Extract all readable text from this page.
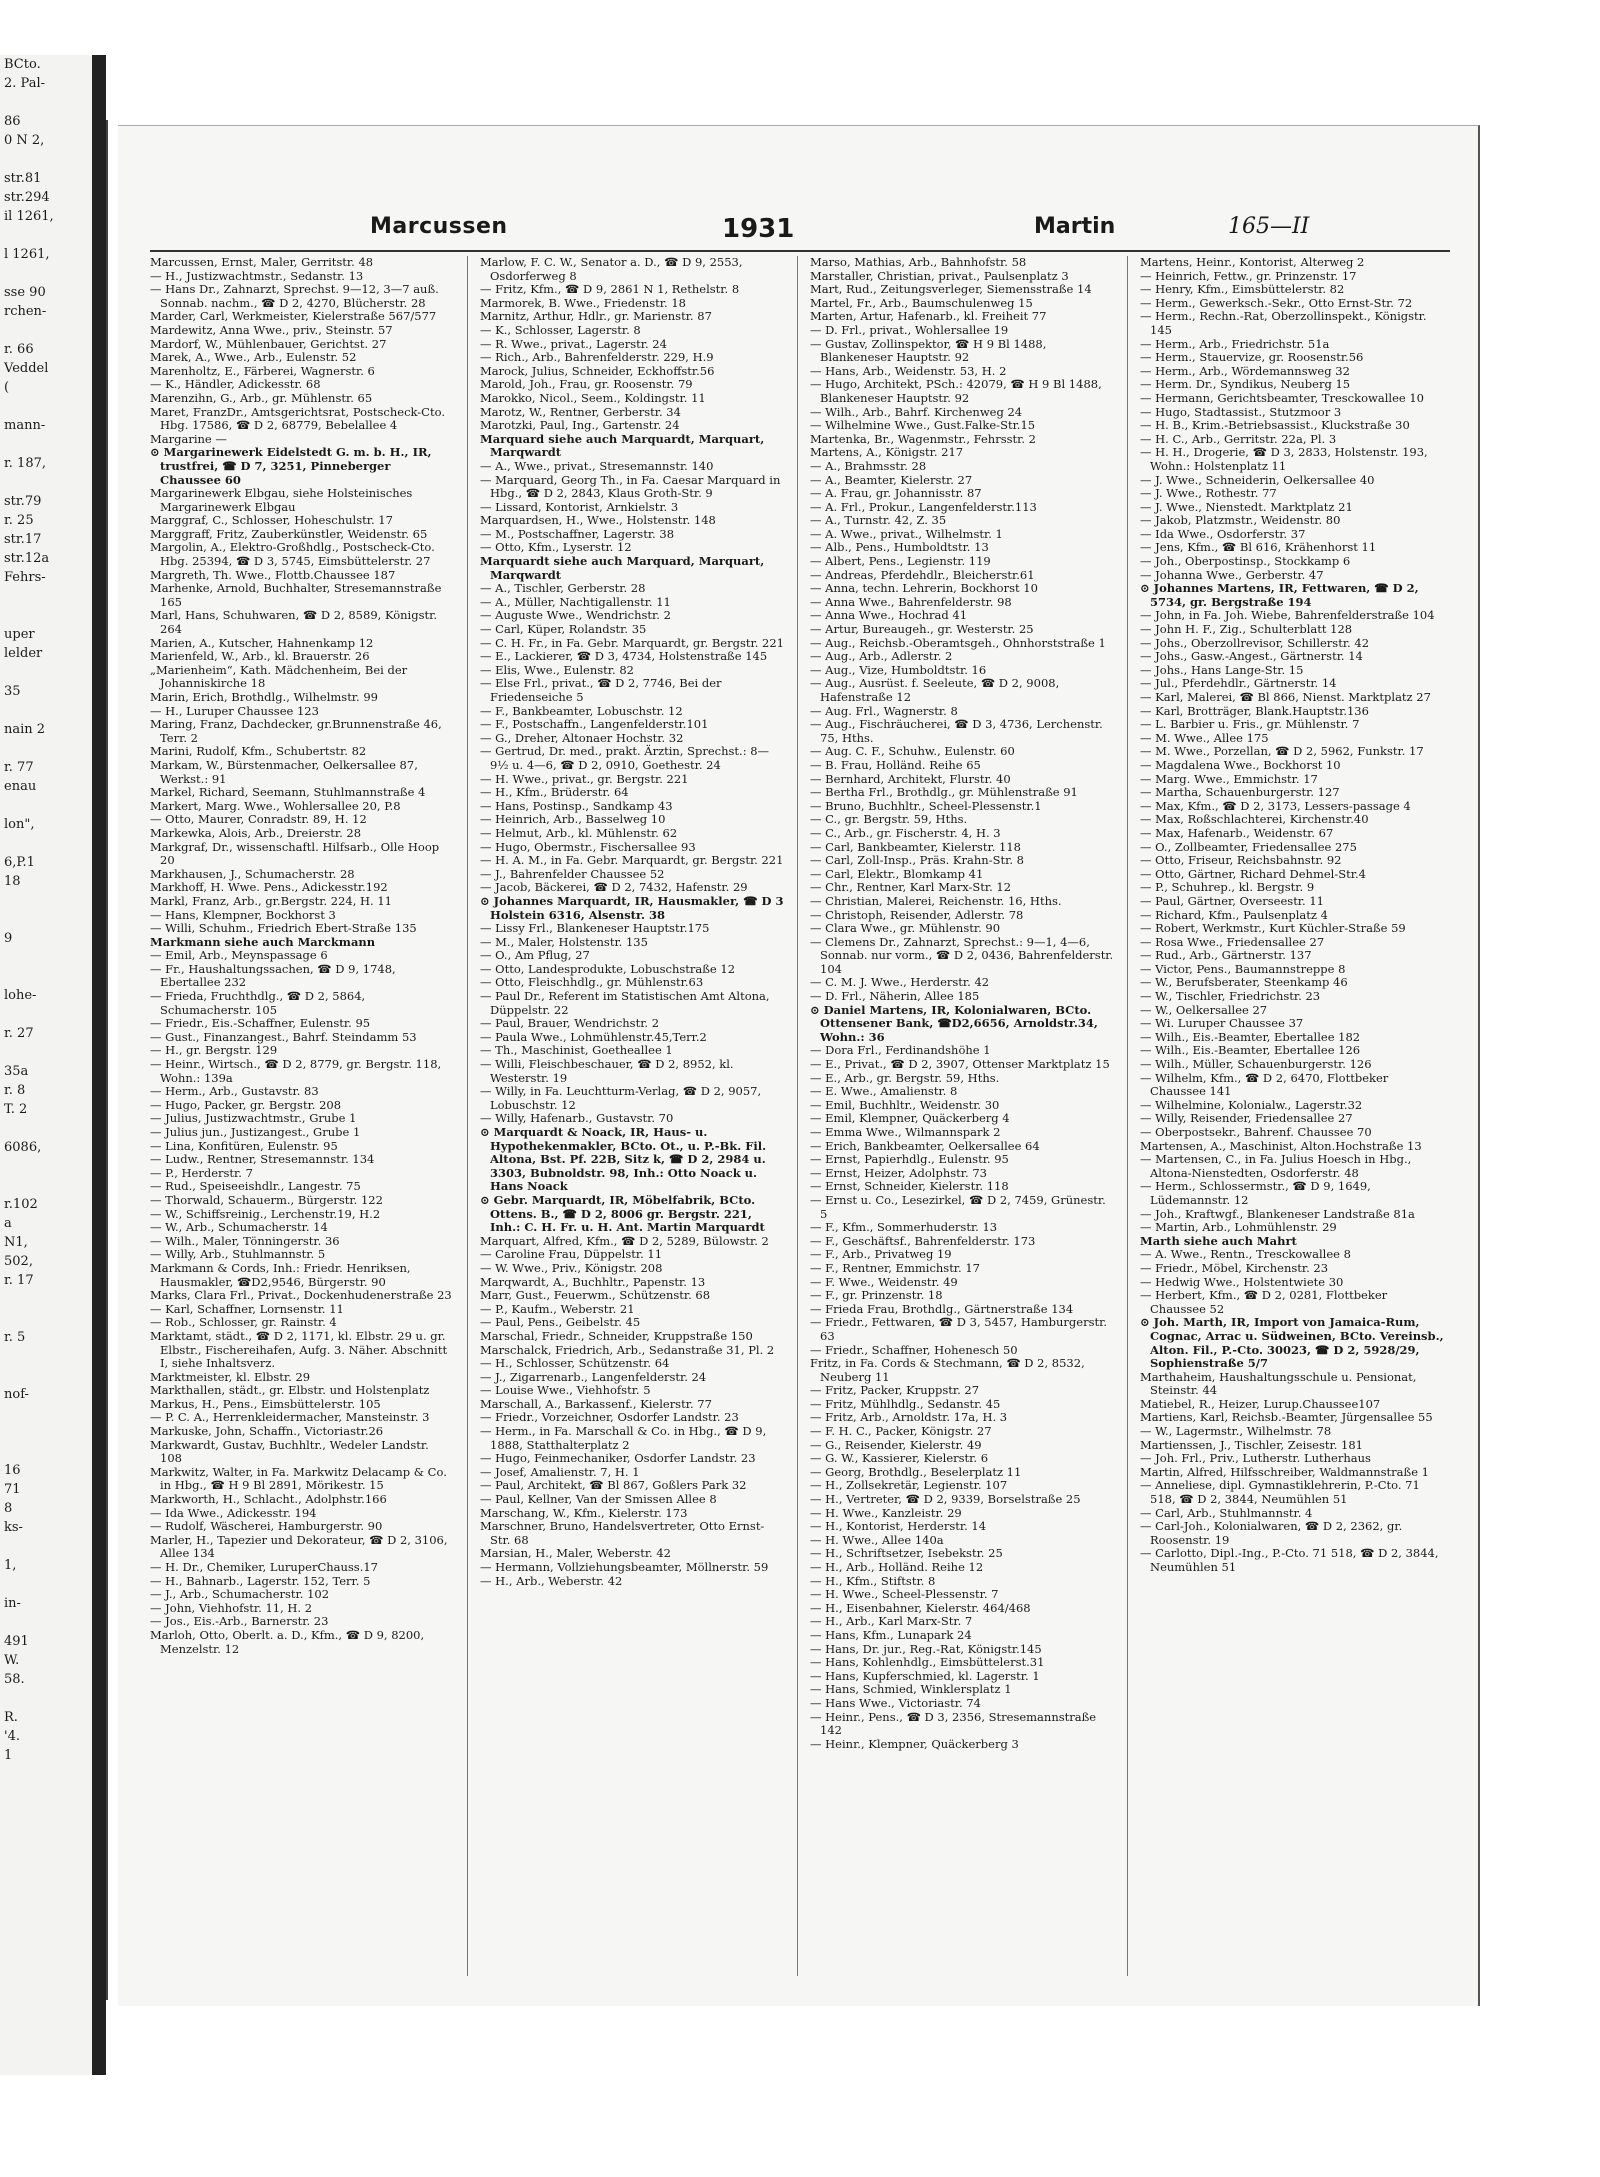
BCto.
2. Pal-

86
0 N 2,

str.81
str.294
il 1261,

l 1261,

sse 90
rchen-

r. 66
Veddel
(

mann-

r. 187,

str.79
r. 25
str.17
str.12a
Fehrs-

uper
lelder

35

nain 2

r. 77
enau

lon",

6,P.1
18

9

lohe-

r. 27

35a
r. 8
T. 2

6086,

r.102
a
N1,
502,
r. 17

r. 5

nof-

16
71
8
ks-

1,

in-

491
W.
58.

R.
'4.
1
Marcussen	1931	Martin	165—II

Marcussen, Ernst, Maler, Gerritstr. 48

— H., Justizwachtmstr., Sedanstr. 13

— Hans Dr., Zahnarzt, Sprechst. 9—12, 3—7 auß. Sonnab. nachm., ☎ D 2, 4270, Blücherstr. 28

Marder, Carl, Werkmeister, Kielerstraße 567/577

Mardewitz, Anna Wwe., priv., Steinstr. 57

Mardorf, W., Mühlenbauer, Gerichtst. 27

Marek, A., Wwe., Arb., Eulenstr. 52

Marenholtz, E., Färberei, Wagnerstr. 6

— K., Händler, Adickesstr. 68

Marenzihn, G., Arb., gr. Mühlenstr. 65

Maret, FranzDr., Amtsgerichtsrat, Postscheck-Cto. Hbg. 17586, ☎ D 2, 68779, Bebelallee 4

Margarine —

⊙ Margarinewerk Eidelstedt G. m. b. H., IR, trustfrei, ☎ D 7, 3251, Pinneberger Chaussee 60

Margarinewerk Elbgau, siehe Holsteinisches Margarinewerk Elbgau

Marggraf, C., Schlosser, Hoheschulstr. 17

Marggraff, Fritz, Zauberkünstler, Weidenstr. 65

Margolin, A., Elektro-Großhdlg., Postscheck-Cto. Hbg. 25394, ☎ D 3, 5745, Eimsbüttelerstr. 27

Margreth, Th. Wwe., Flottb.Chaussee 187

Marhenke, Arnold, Buchhalter, Stresemannstraße 165

Marl, Hans, Schuhwaren, ☎ D 2, 8589, Königstr. 264

Marien, A., Kutscher, Hahnenkamp 12

Marienfeld, W., Arb., kl. Brauerstr. 26

„Marienheim“, Kath. Mädchenheim, Bei der Johanniskirche 18

Marin, Erich, Brothdlg., Wilhelmstr. 99

— H., Luruper Chaussee 123

Maring, Franz, Dachdecker, gr.Brunnenstraße 46, Terr. 2

Marini, Rudolf, Kfm., Schubertstr. 82

Markam, W., Bürstenmacher, Oelkersallee 87, Werkst.: 91

Markel, Richard, Seemann, Stuhlmannstraße 4

Markert, Marg. Wwe., Wohlersallee 20, P.8

— Otto, Maurer, Conradstr. 89, H. 12

Markewka, Alois, Arb., Dreierstr. 28

Markgraf, Dr., wissenschaftl. Hilfsarb., Olle Hoop 20

Markhausen, J., Schumacherstr. 28

Markhoff, H. Wwe. Pens., Adickesstr.192

Markl, Franz, Arb., gr.Bergstr. 224, H. 11

— Hans, Klempner, Bockhorst 3

— Willi, Schuhm., Friedrich Ebert-Straße 135

Markmann siehe auch Marckmann

— Emil, Arb., Meynspassage 6

— Fr., Haushaltungssachen, ☎ D 9, 1748, Ebertallee 232

— Frieda, Fruchthdlg., ☎ D 2, 5864, Schumacherstr. 105

— Friedr., Eis.-Schaffner, Eulenstr. 95

— Gust., Finanzangest., Bahrf. Steindamm 53

— H., gr. Bergstr. 129

— Heinr., Wirtsch., ☎ D 2, 8779, gr. Bergstr. 118, Wohn.: 139a

— Herm., Arb., Gustavstr. 83

— Hugo, Packer, gr. Bergstr. 208

— Julius, Justizwachtmstr., Grube 1

— Julius jun., Justizangest., Grube 1

— Lina, Konfitüren, Eulenstr. 95

— Ludw., Rentner, Stresemannstr. 134

— P., Herderstr. 7

— Rud., Speiseeishdlr., Langestr. 75

— Thorwald, Schauerm., Bürgerstr. 122

— W., Schiffsreinig., Lerchenstr.19, H.2

— W., Arb., Schumacherstr. 14

— Wilh., Maler, Tönningerstr. 36

— Willy, Arb., Stuhlmannstr. 5

Markmann & Cords, Inh.: Friedr. Henriksen, Hausmakler, ☎D2,9546, Bürgerstr. 90

Marks, Clara Frl., Privat., Dockenhudenerstraße 23

— Karl, Schaffner, Lornsenstr. 11

— Rob., Schlosser, gr. Rainstr. 4

Marktamt, städt., ☎ D 2, 1171, kl. Elbstr. 29 u. gr. Elbstr., Fischereihafen, Aufg. 3. Näher. Abschnitt I, siehe Inhaltsverz.

Marktmeister, kl. Elbstr. 29

Markthallen, städt., gr. Elbstr. und Holstenplatz

Markus, H., Pens., Eimsbüttelerstr. 105

— P. C. A., Herrenkleidermacher, Mansteinstr. 3

Markuske, John, Schaffn., Victoriastr.26

Markwardt, Gustav, Buchhltr., Wedeler Landstr. 108

Markwitz, Walter, in Fa. Markwitz Delacamp & Co. in Hbg., ☎ H 9 Bl 2891, Mörikestr. 15

Markworth, H., Schlacht., Adolphstr.166

— Ida Wwe., Adickesstr. 194

— Rudolf, Wäscherei, Hamburgerstr. 90

Marler, H., Tapezier und Dekorateur, ☎ D 2, 3106, Allee 134

— H. Dr., Chemiker, LuruperChauss.17

— H., Bahnarb., Lagerstr. 152, Terr. 5

— J., Arb., Schumacherstr. 102

— John, Viehhofstr. 11, H. 2

— Jos., Eis.-Arb., Barnerstr. 23

Marloh, Otto, Oberlt. a. D., Kfm., ☎ D 9, 8200, Menzelstr. 12

Marlow, F. C. W., Senator a. D., ☎ D 9, 2553, Osdorferweg 8

— Fritz, Kfm., ☎ D 9, 2861 N 1, Rethelstr. 8

Marmorek, B. Wwe., Friedenstr. 18

Marnitz, Arthur, Hdlr., gr. Marienstr. 87

— K., Schlosser, Lagerstr. 8

— R. Wwe., privat., Lagerstr. 24

— Rich., Arb., Bahrenfelderstr. 229, H.9

Marock, Julius, Schneider, Eckhoffstr.56

Marold, Joh., Frau, gr. Roosenstr. 79

Marokko, Nicol., Seem., Koldingstr. 11

Marotz, W., Rentner, Gerberstr. 34

Marotzki, Paul, Ing., Gartenstr. 24

Marquard siehe auch Marquardt, Marquart, Marqwardt

— A., Wwe., privat., Stresemannstr. 140

— Marquard, Georg Th., in Fa. Caesar Marquard in Hbg., ☎ D 2, 2843, Klaus Groth-Str. 9

— Lissard, Kontorist, Arnkielstr. 3

Marquardsen, H., Wwe., Holstenstr. 148

— M., Postschaffner, Lagerstr. 38

— Otto, Kfm., Lyserstr. 12

Marquardt siehe auch Marquard, Marquart, Marqwardt

— A., Tischler, Gerberstr. 28

— A., Müller, Nachtigallenstr. 11

— Auguste Wwe., Wendrichstr. 2

— Carl, Küper, Rolandstr. 35

— C. H. Fr., in Fa. Gebr. Marquardt, gr. Bergstr. 221

— E., Lackierer, ☎ D 3, 4734, Holstenstraße 145

— Elis, Wwe., Eulenstr. 82

— Else Frl., privat., ☎ D 2, 7746, Bei der Friedenseiche 5

— F., Bankbeamter, Lobuschstr. 12

— F., Postschaffn., Langenfelderstr.101

— G., Dreher, Altonaer Hochstr. 32

— Gertrud, Dr. med., prakt. Ärztin, Sprechst.: 8—9½ u. 4—6, ☎ D 2, 0910, Goethestr. 24

— H. Wwe., privat., gr. Bergstr. 221

— H., Kfm., Brüderstr. 64

— Hans, Postinsp., Sandkamp 43

— Heinrich, Arb., Basselweg 10

— Helmut, Arb., kl. Mühlenstr. 62

— Hugo, Obermstr., Fischersallee 93

— H. A. M., in Fa. Gebr. Marquardt, gr. Bergstr. 221

— J., Bahrenfelder Chaussee 52

— Jacob, Bäckerei, ☎ D 2, 7432, Hafenstr. 29

⊙ Johannes Marquardt, IR, Hausmakler, ☎ D 3 Holstein 6316, Alsenstr. 38

— Lissy Frl., Blankeneser Hauptstr.175

— M., Maler, Holstenstr. 135

— O., Am Pflug, 27

— Otto, Landesprodukte, Lobuschstraße 12

— Otto, Fleischhdlg., gr. Mühlenstr.63

— Paul Dr., Referent im Statistischen Amt Altona, Düppelstr. 22

— Paul, Brauer, Wendrichstr. 2

— Paula Wwe., Lohmühlenstr.45,Terr.2

— Th., Maschinist, Goetheallee 1

— Willi, Fleischbeschauer, ☎ D 2, 8952, kl. Westerstr. 19

— Willy, in Fa. Leuchtturm-Verlag, ☎ D 2, 9057, Lobuschstr. 12

— Willy, Hafenarb., Gustavstr. 70

⊙ Marquardt & Noack, IR, Haus- u. Hypothekenmakler, BCto. Ot., u. P.-Bk. Fil. Altona, Bst. Pf. 22B, Sitz k, ☎ D 2, 2984 u. 3303, Bubnoldstr. 98, Inh.: Otto Noack u. Hans Noack

⊙ Gebr. Marquardt, IR, Möbelfabrik, BCto. Ottens. B., ☎ D 2, 8006 gr. Bergstr. 221, Inh.: C. H. Fr. u. H. Ant. Martin Marquardt

Marquart, Alfred, Kfm., ☎ D 2, 5289, Bülowstr. 2

— Caroline Frau, Düppelstr. 11

— W. Wwe., Priv., Königstr. 208

Marqwardt, A., Buchhltr., Papenstr. 13

Marr, Gust., Feuerwm., Schützenstr. 68

— P., Kaufm., Weberstr. 21

— Paul, Pens., Geibelstr. 45

Marschal, Friedr., Schneider, Kruppstraße 150

Marschalck, Friedrich, Arb., Sedanstraße 31, Pl. 2

— H., Schlosser, Schützenstr. 64

— J., Zigarrenarb., Langenfelderstr. 24

— Louise Wwe., Viehhofstr. 5

Marschall, A., Barkassenf., Kielerstr. 77

— Friedr., Vorzeichner, Osdorfer Landstr. 23

— Herm., in Fa. Marschall & Co. in Hbg., ☎ D 9, 1888, Statthalterplatz 2

— Hugo, Feinmechaniker, Osdorfer Landstr. 23

— Josef, Amalienstr. 7, H. 1

— Paul, Architekt, ☎ Bl 867, Goßlers Park 32

— Paul, Kellner, Van der Smissen Allee 8

Marschang, W., Kfm., Kielerstr. 173

Marschner, Bruno, Handelsvertreter, Otto Ernst-Str. 68

Marsian, H., Maler, Weberstr. 42

— Hermann, Vollziehungsbeamter, Möllnerstr. 59

— H., Arb., Weberstr. 42

Marso, Mathias, Arb., Bahnhofstr. 58

Marstaller, Christian, privat., Paulsenplatz 3

Mart, Rud., Zeitungsverleger, Siemensstraße 14

Martel, Fr., Arb., Baumschulenweg 15

Marten, Artur, Hafenarb., kl. Freiheit 77

— D. Frl., privat., Wohlersallee 19

— Gustav, Zollinspektor, ☎ H 9 Bl 1488, Blankeneser Hauptstr. 92

— Hans, Arb., Weidenstr. 53, H. 2

— Hugo, Architekt, PSch.: 42079, ☎ H 9 Bl 1488, Blankeneser Hauptstr. 92

— Wilh., Arb., Bahrf. Kirchenweg 24

— Wilhelmine Wwe., Gust.Falke-Str.15

Martenka, Br., Wagenmstr., Fehrsstr. 2

Martens, A., Königstr. 217

— A., Brahmsstr. 28

— A., Beamter, Kielerstr. 27

— A. Frau, gr. Johannisstr. 87

— A. Frl., Prokur., Langenfelderstr.113

— A., Turnstr. 42, Z. 35

— A. Wwe., privat., Wilhelmstr. 1

— Alb., Pens., Humboldtstr. 13

— Albert, Pens., Legienstr. 119

— Andreas, Pferdehdlr., Bleicherstr.61

— Anna, techn. Lehrerin, Bockhorst 10

— Anna Wwe., Bahrenfelderstr. 98

— Anna Wwe., Hochrad 41

— Artur, Bureaugeh., gr. Westerstr. 25

— Aug., Reichsb.-Oberamtsgeh., Ohnhorststraße 1

— Aug., Arb., Adlerstr. 2

— Aug., Vize, Humboldtstr. 16

— Aug., Ausrüst. f. Seeleute, ☎ D 2, 9008, Hafenstraße 12

— Aug. Frl., Wagnerstr. 8

— Aug., Fischräucherei, ☎ D 3, 4736, Lerchenstr. 75, Hths.

— Aug. C. F., Schuhw., Eulenstr. 60

— B. Frau, Holländ. Reihe 65

— Bernhard, Architekt, Flurstr. 40

— Bertha Frl., Brothdlg., gr. Mühlenstraße 91

— Bruno, Buchhltr., Scheel-Plessenstr.1

— C., gr. Bergstr. 59, Hths.

— C., Arb., gr. Fischerstr. 4, H. 3

— Carl, Bankbeamter, Kielerstr. 118

— Carl, Zoll-Insp., Präs. Krahn-Str. 8

— Carl, Elektr., Blomkamp 41

— Chr., Rentner, Karl Marx-Str. 12

— Christian, Malerei, Reichenstr. 16, Hths.

— Christoph, Reisender, Adlerstr. 78

— Clara Wwe., gr. Mühlenstr. 90

— Clemens Dr., Zahnarzt, Sprechst.: 9—1, 4—6, Sonnab. nur vorm., ☎ D 2, 0436, Bahrenfelderstr. 104

— C. M. J. Wwe., Herderstr. 42

— D. Frl., Näherin, Allee 185

⊙ Daniel Martens, IR, Kolonialwaren, BCto. Ottensener Bank, ☎D2,6656, Arnoldstr.34, Wohn.: 36

— Dora Frl., Ferdinandshöhe 1

— E., Privat., ☎ D 2, 3907, Ottenser Marktplatz 15

— E., Arb., gr. Bergstr. 59, Hths.

— E. Wwe., Amalienstr. 8

— Emil, Buchhltr., Weidenstr. 30

— Emil, Klempner, Quäckerberg 4

— Emma Wwe., Wilmannspark 2

— Erich, Bankbeamter, Oelkersallee 64

— Ernst, Papierhdlg., Eulenstr. 95

— Ernst, Heizer, Adolphstr. 73

— Ernst, Schneider, Kielerstr. 118

— Ernst u. Co., Lesezirkel, ☎ D 2, 7459, Grünestr. 5

— F., Kfm., Sommerhuderstr. 13

— F., Geschäftsf., Bahrenfelderstr. 173

— F., Arb., Privatweg 19

— F., Rentner, Emmichstr. 17

— F. Wwe., Weidenstr. 49

— F., gr. Prinzenstr. 18

— Frieda Frau, Brothdlg., Gärtnerstraße 134

— Friedr., Fettwaren, ☎ D 3, 5457, Hamburgerstr. 63

— Friedr., Schaffner, Hohenesch 50

Fritz, in Fa. Cords & Stechmann, ☎ D 2, 8532, Neuberg 11

— Fritz, Packer, Kruppstr. 27

— Fritz, Mühlhdlg., Sedanstr. 45

— Fritz, Arb., Arnoldstr. 17a, H. 3

— F. H. C., Packer, Königstr. 27

— G., Reisender, Kielerstr. 49

— G. W., Kassierer, Kielerstr. 6

— Georg, Brothdlg., Beselerplatz 11

— H., Zollsekretär, Legienstr. 107

— H., Vertreter, ☎ D 2, 9339, Borselstraße 25

— H. Wwe., Kanzleistr. 29

— H., Kontorist, Herderstr. 14

— H. Wwe., Allee 140a

— H., Schriftsetzer, Isebekstr. 25

— H., Arb., Holländ. Reihe 12

— H., Kfm., Stiftstr. 8

— H. Wwe., Scheel-Plessenstr. 7

— H., Eisenbahner, Kielerstr. 464/468

— H., Arb., Karl Marx-Str. 7

— Hans, Kfm., Lunapark 24

— Hans, Dr. jur., Reg.-Rat, Königstr.145

— Hans, Kohlenhdlg., Eimsbüttelerst.31

— Hans, Kupferschmied, kl. Lagerstr. 1

— Hans, Schmied, Winklersplatz 1

— Hans Wwe., Victoriastr. 74

— Heinr., Pens., ☎ D 3, 2356, Stresemannstraße 142

— Heinr., Klempner, Quäckerberg 3

Martens, Heinr., Kontorist, Alterweg 2

— Heinrich, Fettw., gr. Prinzenstr. 17

— Henry, Kfm., Eimsbüttelerstr. 82

— Herm., Gewerksch.-Sekr., Otto Ernst-Str. 72

— Herm., Rechn.-Rat, Oberzollinspekt., Königstr. 145

— Herm., Arb., Friedrichstr. 51a

— Herm., Stauervize, gr. Roosenstr.56

— Herm., Arb., Wördemannsweg 32

— Herm. Dr., Syndikus, Neuberg 15

— Hermann, Gerichtsbeamter, Tresckowallee 10

— Hugo, Stadtassist., Stutzmoor 3

— H. B., Krim.-Betriebsassist., Kluckstraße 30

— H. C., Arb., Gerritstr. 22a, Pl. 3

— H. H., Drogerie, ☎ D 3, 2833, Holstenstr. 193, Wohn.: Holstenplatz 11

— J. Wwe., Schneiderin, Oelkersallee 40

— J. Wwe., Rothestr. 77

— J. Wwe., Nienstedt. Marktplatz 21

— Jakob, Platzmstr., Weidenstr. 80

— Ida Wwe., Osdorferstr. 37

— Jens, Kfm., ☎ Bl 616, Krähenhorst 11

— Joh., Oberpostinsp., Stockkamp 6

— Johanna Wwe., Gerberstr. 47

⊙ Johannes Martens, IR, Fettwaren, ☎ D 2, 5734, gr. Bergstraße 194

— John, in Fa. Joh. Wiebe, Bahrenfelderstraße 104

— John H. F., Zig., Schulterblatt 128

— Johs., Oberzollrevisor, Schillerstr. 42

— Johs., Gasw.-Angest., Gärtnerstr. 14

— Johs., Hans Lange-Str. 15

— Jul., Pferdehdlr., Gärtnerstr. 14

— Karl, Malerei, ☎ Bl 866, Nienst. Marktplatz 27

— Karl, Brotträger, Blank.Hauptstr.136

— L. Barbier u. Fris., gr. Mühlenstr. 7

— M. Wwe., Allee 175

— M. Wwe., Porzellan, ☎ D 2, 5962, Funkstr. 17

— Magdalena Wwe., Bockhorst 10

— Marg. Wwe., Emmichstr. 17

— Martha, Schauenburgerstr. 127

— Max, Kfm., ☎ D 2, 3173, Lessers-passage 4

— Max, Roßschlachterei, Kirchenstr.40

— Max, Hafenarb., Weidenstr. 67

— O., Zollbeamter, Friedensallee 275

— Otto, Friseur, Reichsbahnstr. 92

— Otto, Gärtner, Richard Dehmel-Str.4

— P., Schuhrep., kl. Bergstr. 9

— Paul, Gärtner, Overseestr. 11

— Richard, Kfm., Paulsenplatz 4

— Robert, Werkmstr., Kurt Küchler-Straße 59

— Rosa Wwe., Friedensallee 27

— Rud., Arb., Gärtnerstr. 137

— Victor, Pens., Baumannstreppe 8

— W., Berufsberater, Steenkamp 46

— W., Tischler, Friedrichstr. 23

— W., Oelkersallee 27

— Wi. Luruper Chaussee 37

— Wilh., Eis.-Beamter, Ebertallee 182

— Wilh., Eis.-Beamter, Ebertallee 126

— Wilh., Müller, Schauenburgerstr. 126

— Wilhelm, Kfm., ☎ D 2, 6470, Flottbeker Chaussee 141

— Wilhelmine, Kolonialw., Lagerstr.32

— Willy, Reisender, Friedensallee 27

— Oberpostsekr., Bahrenf. Chaussee 70

Martensen, A., Maschinist, Alton.Hochstraße 13

— Martensen, C., in Fa. Julius Hoesch in Hbg., Altona-Nienstedten, Osdorferstr. 48

— Herm., Schlossermstr., ☎ D 9, 1649, Lüdemannstr. 12

— Joh., Kraftwgf., Blankeneser Landstraße 81a

— Martin, Arb., Lohmühlenstr. 29

Marth siehe auch Mahrt

— A. Wwe., Rentn., Tresckowallee 8

— Friedr., Möbel, Kirchenstr. 23

— Hedwig Wwe., Holstentwiete 30

— Herbert, Kfm., ☎ D 2, 0281, Flottbeker Chaussee 52

⊙ Joh. Marth, IR, Import von Jamaica-Rum, Cognac, Arrac u. Südweinen, BCto. Vereinsb., Alton. Fil., P.-Cto. 30023, ☎ D 2, 5928/29, Sophienstraße 5/7

Marthaheim, Haushaltungsschule u. Pensionat, Steinstr. 44

Matiebel, R., Heizer, Lurup.Chaussee107

Martiens, Karl, Reichsb.-Beamter, Jürgensallee 55

— W., Lagermstr., Wilhelmstr. 78

Martienssen, J., Tischler, Zeisestr. 181

— Joh. Frl., Priv., Lutherstr. Lutherhaus

Martin, Alfred, Hilfsschreiber, Waldmannstraße 1

— Anneliese, dipl. Gymnastiklehrerin, P.-Cto. 71 518, ☎ D 2, 3844, Neumühlen 51

— Carl, Arb., Stuhlmannstr. 4

— Carl-Joh., Kolonialwaren, ☎ D 2, 2362, gr. Roosenstr. 19

— Carlotto, Dipl.-Ing., P.-Cto. 71 518, ☎ D 2, 3844, Neumühlen 51
